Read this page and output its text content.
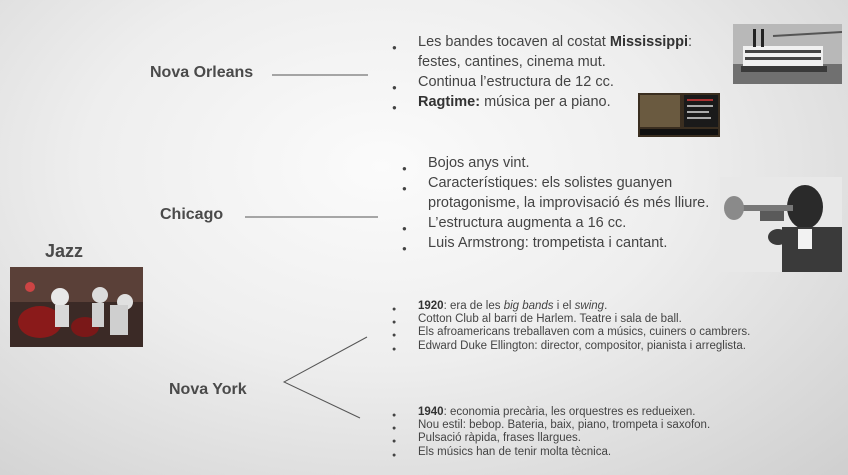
Jazz
Nova Orleans
● Les bandes tocaven al costat Mississippi: festes, cantines, cinema mut.
● Continua l’estructura de 12 cc.
● Ragtime: música per a piano.
Chicago
● Bojos anys vint.
● Característiques: els solistes guanyen protagonisme, la improvisació és més lliure.
● L’estructura augmenta a 16 cc.
● Luis Armstrong: trompetista i cantant.
Nova York
● 1920: era de les big bands i el swing.
● Cotton Club al barri de Harlem. Teatre i sala de ball.
● Els afroamericans treballaven com a músics, cuiners o cambrers.
● Edward Duke Ellington: director, compositor, pianista i arreglista.
● 1940: economia precària, les orquestres es redueixen.
● Nou estil: bebop. Bateria, baix, piano, trompeta i saxofon.
● Pulsació ràpida, frases llargues.
● Els músics han de tenir molta tècnica.
